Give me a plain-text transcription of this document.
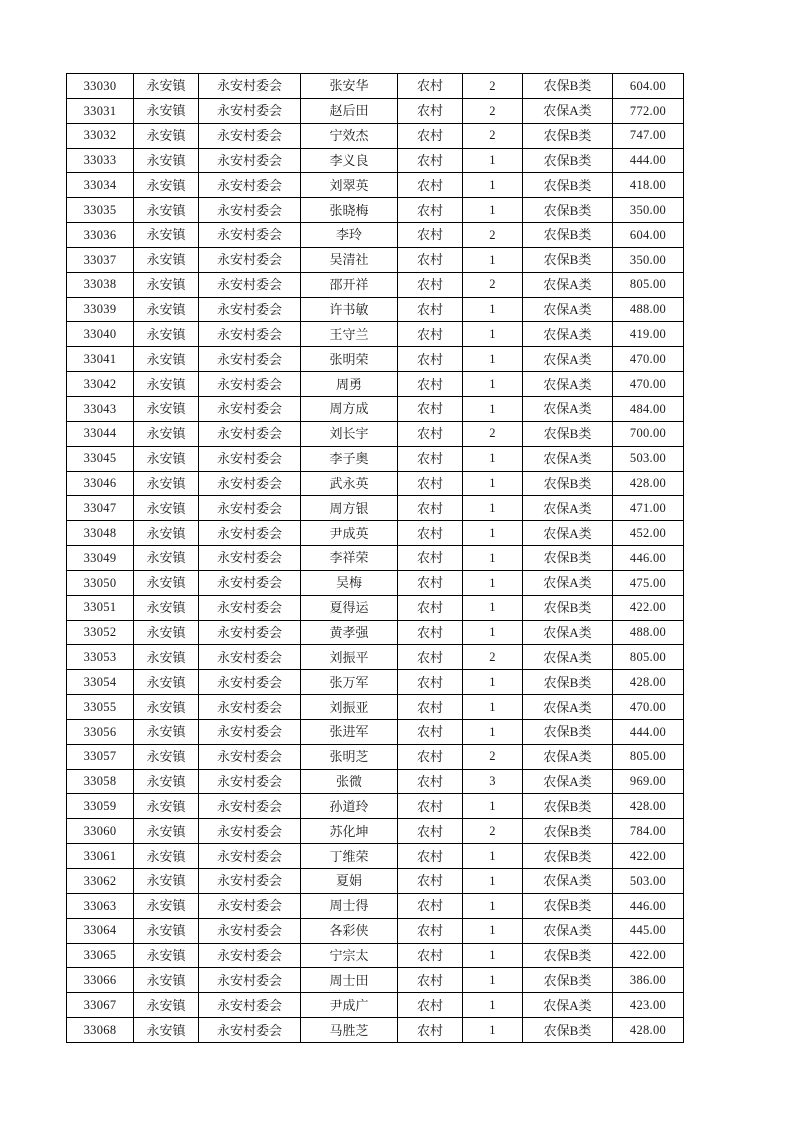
33030	永安镇	永安村委会	张安华	农村	2	农保B类	604.00
33031	永安镇	永安村委会	赵后田	农村	2	农保A类	772.00
33032	永安镇	永安村委会	宁效杰	农村	2	农保B类	747.00
33033	永安镇	永安村委会	李义良	农村	1	农保B类	444.00
33034	永安镇	永安村委会	刘翠英	农村	1	农保B类	418.00
33035	永安镇	永安村委会	张晓梅	农村	1	农保B类	350.00
33036	永安镇	永安村委会	李玲	农村	2	农保B类	604.00
33037	永安镇	永安村委会	吴清社	农村	1	农保B类	350.00
33038	永安镇	永安村委会	邵开祥	农村	2	农保A类	805.00
33039	永安镇	永安村委会	许书敏	农村	1	农保A类	488.00
33040	永安镇	永安村委会	王守兰	农村	1	农保A类	419.00
33041	永安镇	永安村委会	张明荣	农村	1	农保A类	470.00
33042	永安镇	永安村委会	周勇	农村	1	农保A类	470.00
33043	永安镇	永安村委会	周方成	农村	1	农保A类	484.00
33044	永安镇	永安村委会	刘长宇	农村	2	农保B类	700.00
33045	永安镇	永安村委会	李子奥	农村	1	农保A类	503.00
33046	永安镇	永安村委会	武永英	农村	1	农保B类	428.00
33047	永安镇	永安村委会	周方银	农村	1	农保A类	471.00
33048	永安镇	永安村委会	尹成英	农村	1	农保A类	452.00
33049	永安镇	永安村委会	李祥荣	农村	1	农保B类	446.00
33050	永安镇	永安村委会	吴梅	农村	1	农保A类	475.00
33051	永安镇	永安村委会	夏得运	农村	1	农保B类	422.00
33052	永安镇	永安村委会	黄孝强	农村	1	农保A类	488.00
33053	永安镇	永安村委会	刘振平	农村	2	农保A类	805.00
33054	永安镇	永安村委会	张万军	农村	1	农保B类	428.00
33055	永安镇	永安村委会	刘振亚	农村	1	农保A类	470.00
33056	永安镇	永安村委会	张进军	农村	1	农保B类	444.00
33057	永安镇	永安村委会	张明芝	农村	2	农保A类	805.00
33058	永安镇	永安村委会	张微	农村	3	农保A类	969.00
33059	永安镇	永安村委会	孙道玲	农村	1	农保B类	428.00
33060	永安镇	永安村委会	苏化坤	农村	2	农保B类	784.00
33061	永安镇	永安村委会	丁维荣	农村	1	农保B类	422.00
33062	永安镇	永安村委会	夏娟	农村	1	农保A类	503.00
33063	永安镇	永安村委会	周士得	农村	1	农保B类	446.00
33064	永安镇	永安村委会	各彩侠	农村	1	农保A类	445.00
33065	永安镇	永安村委会	宁宗太	农村	1	农保B类	422.00
33066	永安镇	永安村委会	周士田	农村	1	农保B类	386.00
33067	永安镇	永安村委会	尹成广	农村	1	农保A类	423.00
33068	永安镇	永安村委会	马胜芝	农村	1	农保B类	428.00
